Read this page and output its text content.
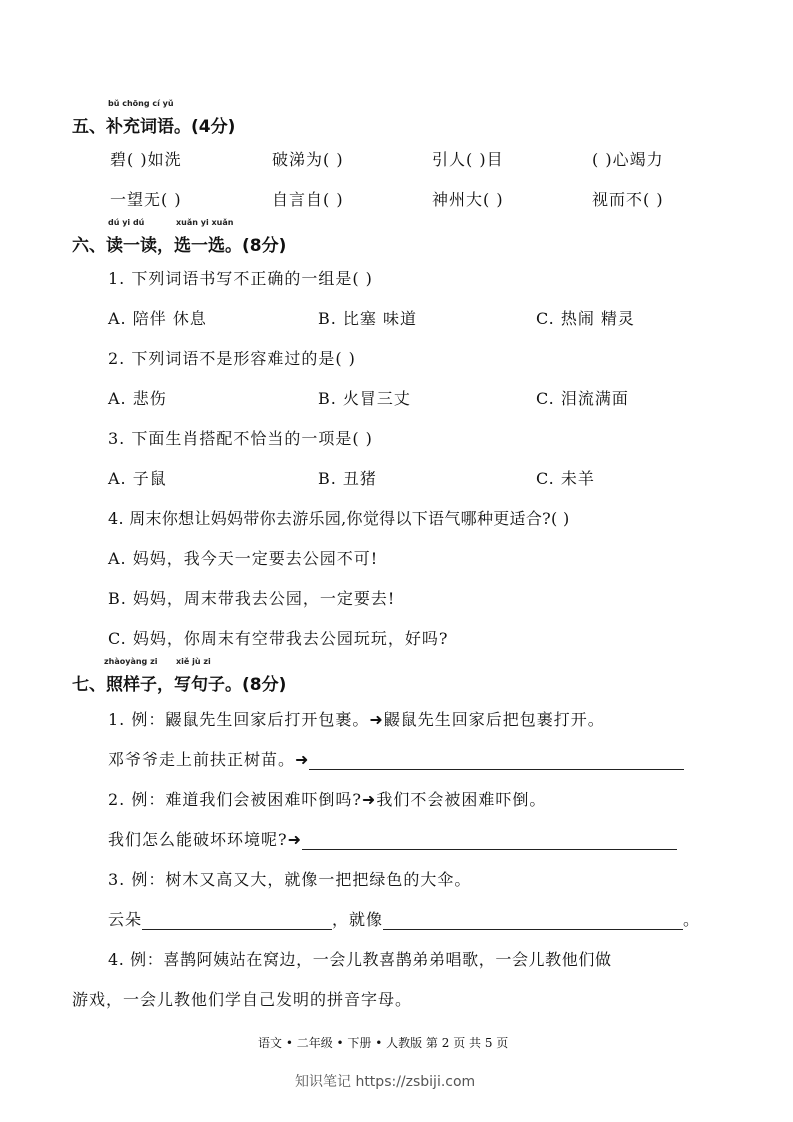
五、
bǔ chōng cí yǔ
补充词语。(4分)
碧( )如洗	破涕为( )	引人( )目	( )心竭力
一望无( )	自言自( )	神州大( )	视而不( )
六、
dú yi dú
读一读，
xuǎn yi xuǎn
选一选。(8分)
1. 下列词语书写不正确的一组是( )
A. 陪伴 休息	B. 比塞 味道	C. 热闹 精灵
2. 下列词语不是形容难过的是( )
A. 悲伤	B. 火冒三丈	C. 泪流满面
3. 下面生肖搭配不恰当的一项是( )
A. 子鼠	B. 丑猪	C. 未羊
4. 周末你想让妈妈带你去游乐园,你觉得以下语气哪种更适合?( )
A. 妈妈，我今天一定要去公园不可!
B. 妈妈，周末带我去公园，一定要去!
C. 妈妈，你周末有空带我去公园玩玩，好吗?
七、
zhàoyàng zi
照样子，
xiě jù zi
写句子。(8分)
1. 例：鼹鼠先生回家后打开包裹。➜鼹鼠先生回家后把包裹打开。
邓爷爷走上前扶正树苗。➜
2. 例：难道我们会被困难吓倒吗?➜我们不会被困难吓倒。
我们怎么能破坏环境呢?➜
3. 例：树木又高又大，就像一把把绿色的大伞。
云朵	，就像	。
4. 例：喜鹊阿姨站在窝边，一会儿教喜鹊弟弟唱歌，一会儿教他们做
游戏，一会儿教他们学自己发明的拼音字母。
语文 • 二年级 • 下册 • 人教版 第 2 页 共 5 页
知识笔记 https://zsbiji.com
